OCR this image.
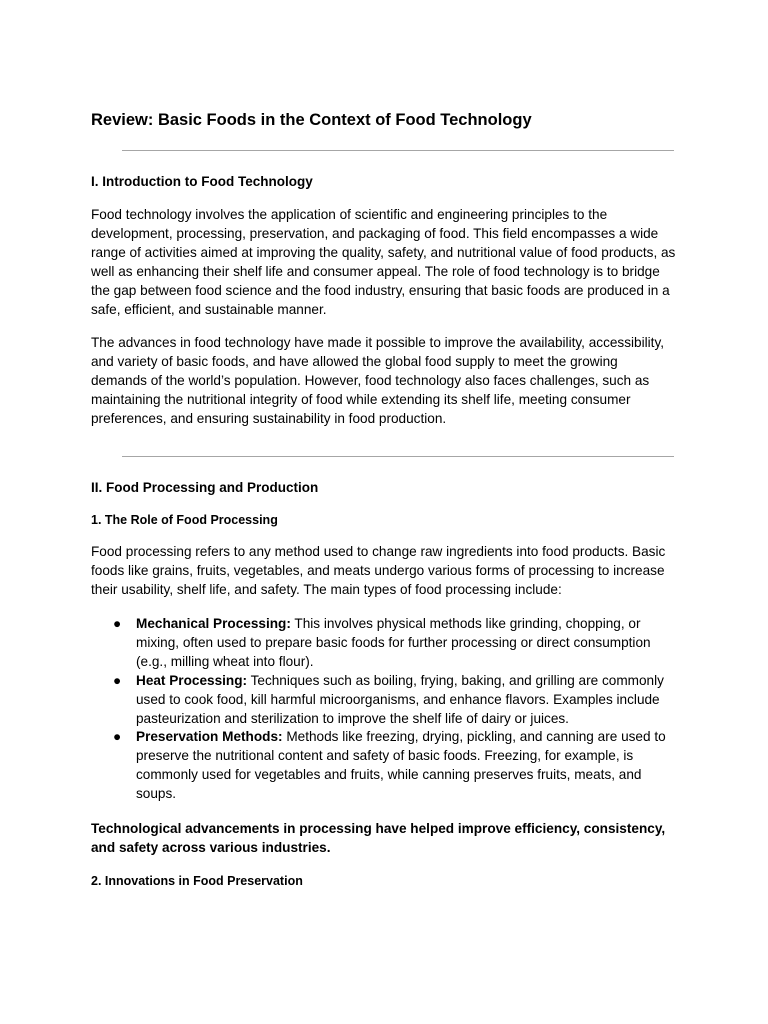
Review: Basic Foods in the Context of Food Technology
I. Introduction to Food Technology

Food technology involves the application of scientific and engineering principles to the development, processing, preservation, and packaging of food. This field encompasses a wide range of activities aimed at improving the quality, safety, and nutritional value of food products, as well as enhancing their shelf life and consumer appeal. The role of food technology is to bridge the gap between food science and the food industry, ensuring that basic foods are produced in a safe, efficient, and sustainable manner.

The advances in food technology have made it possible to improve the availability, accessibility, and variety of basic foods, and have allowed the global food supply to meet the growing demands of the world’s population. However, food technology also faces challenges, such as maintaining the nutritional integrity of food while extending its shelf life, meeting consumer preferences, and ensuring sustainability in food production.

II. Food Processing and Production
1. The Role of Food Processing

Food processing refers to any method used to change raw ingredients into food products. Basic foods like grains, fruits, vegetables, and meats undergo various forms of processing to increase their usability, shelf life, and safety. The main types of food processing include:

● Mechanical Processing: This involves physical methods like grinding, chopping, or mixing, often used to prepare basic foods for further processing or direct consumption (e.g., milling wheat into flour).
● Heat Processing: Techniques such as boiling, frying, baking, and grilling are commonly used to cook food, kill harmful microorganisms, and enhance flavors. Examples include pasteurization and sterilization to improve the shelf life of dairy or juices.
● Preservation Methods: Methods like freezing, drying, pickling, and canning are used to preserve the nutritional content and safety of basic foods. Freezing, for example, is commonly used for vegetables and fruits, while canning preserves fruits, meats, and soups.

Technological advancements in processing have helped improve efficiency, consistency, and safety across various industries.

2. Innovations in Food Preservation
